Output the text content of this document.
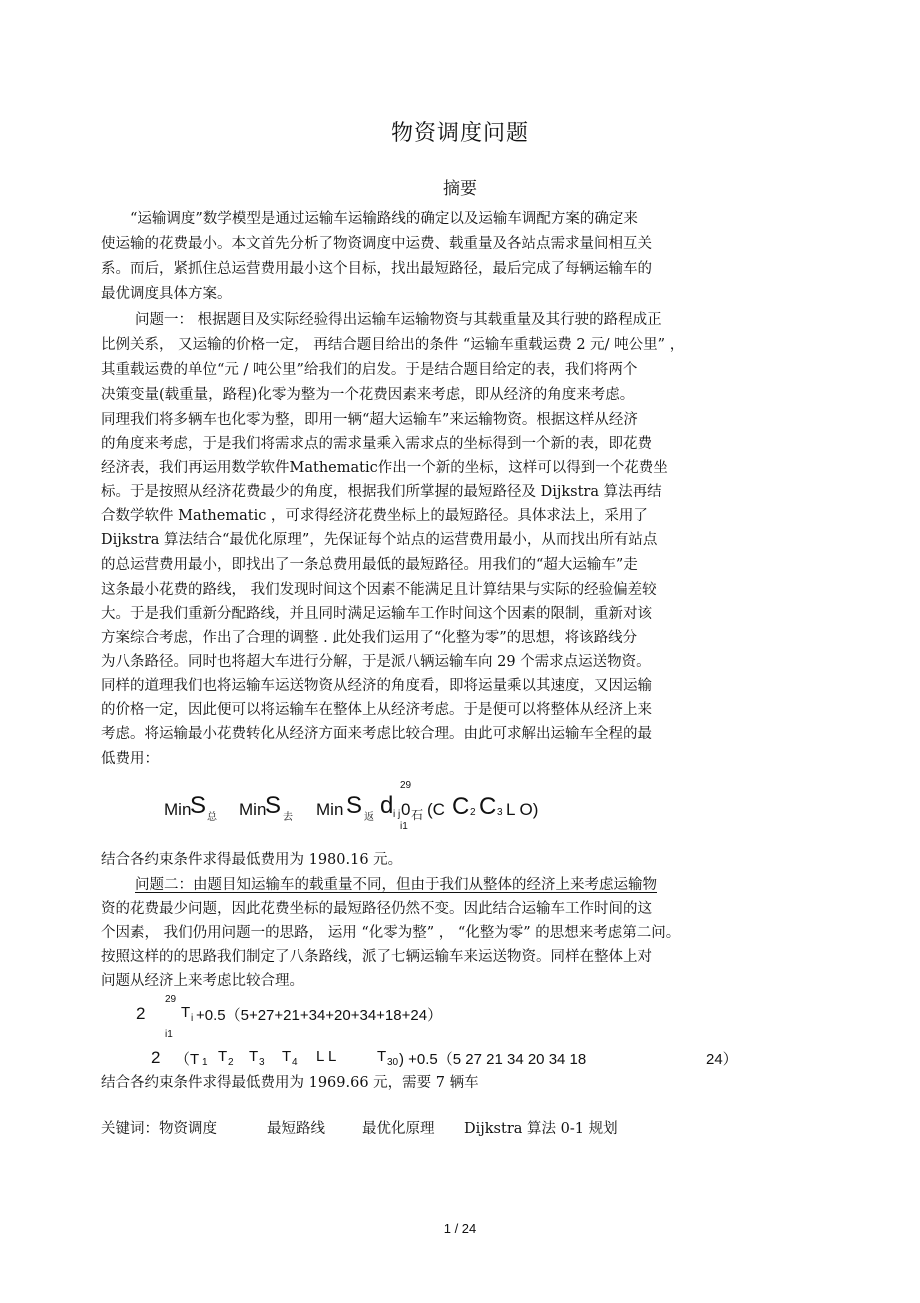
物资调度问题
摘要
“运输调度”数学模型是通过运输车运输路线的确定以及运输车调配方案的确定来
使运输的花费最小。本文首先分析了物资调度中运费、载重量及各站点需求量间相互关
系。而后，紧抓住总运营费用最小这个目标，找出最短路径，最后完成了每辆运输车的
最优调度具体方案。
问题一： 根据题目及实际经验得出运输车运输物资与其载重量及其行驶的路程成正
比例关系， 又运输的价格一定， 再结合题目给出的条件 “运输车重载运费 2 元/ 吨公里” ，
其重载运费的单位“元 / 吨公里”给我们的启发。于是结合题目给定的表，我们将两个
决策变量(载重量，路程)化零为整为一个花费因素来考虑，即从经济的角度来考虑。
同理我们将多辆车也化零为整，即用一辆“超大运输车”来运输物资。根据这样从经济
的角度来考虑，于是我们将需求点的需求量乘入需求点的坐标得到一个新的表，即花费
经济表，我们再运用数学软件Mathematic作出一个新的坐标，这样可以得到一个花费坐
标。于是按照从经济花费最少的角度，根据我们所掌握的最短路径及 Dijkstra 算法再结
合数学软件 Mathematic ，可求得经济花费坐标上的最短路径。具体求法上，采用了
Dijkstra 算法结合“最优化原理”，先保证每个站点的运营费用最小，从而找出所有站点
的总运营费用最小，即找出了一条总费用最低的最短路径。用我们的“超大运输车”走
这条最小花费的路线， 我们发现时间这个因素不能满足且计算结果与实际的经验偏差较
大。于是我们重新分配路线，并且同时满足运输车工作时间这个因素的限制，重新对该
方案综合考虑，作出了合理的调整 . 此处我们运用了“化整为零”的思想，将该路线分
为八条路径。同时也将超大车进行分解，于是派八辆运输车向 29 个需求点运送物资。
同样的道理我们也将运输车运送物资从经济的角度看，即将运量乘以其速度，又因运输
的价格一定，因此便可以将运输车在整体上从经济考虑。于是便可以将整体从经济上来
考虑。将运输最小花费转化从经济方面来考虑比较合理。由此可求解出运输车全程的最
低费用：
Min
S 总 Min
S 去 Min S 返
29
d i j
i1
0 石 (C C 2 C 3 L O)
结合各约束条件求得最低费用为 1980.16 元。
问题二：由题目知运输车的载重量不同，但由于我们从整体的经济上来考虑运输物
资的花费最少问题，因此花费坐标的最短路径仍然不变。因此结合运输车工作时间的这
个因素， 我们仍用问题一的思路， 运用 “化零为整” ， “化整为零” 的思想来考虑第二问。
按照这样的的思路我们制定了八条路线，派了七辆运输车来运送物资。同样在整体上对
问题从经济上来考虑比较合理。
2
29
T i +0.5（5+27+21+34+20+34+18+24）
i1
2 （T 1 T 2 T 3 T 4 L L	T 30 ) +0.5（5 27 21 34 20 34 18	24）
结合各约束条件求得最低费用为 1969.66 元，需要 7 辆车
关键词：物资调度	最短路线	最优化原理 Dijkstra 算法 0-1 规划
1 / 24
